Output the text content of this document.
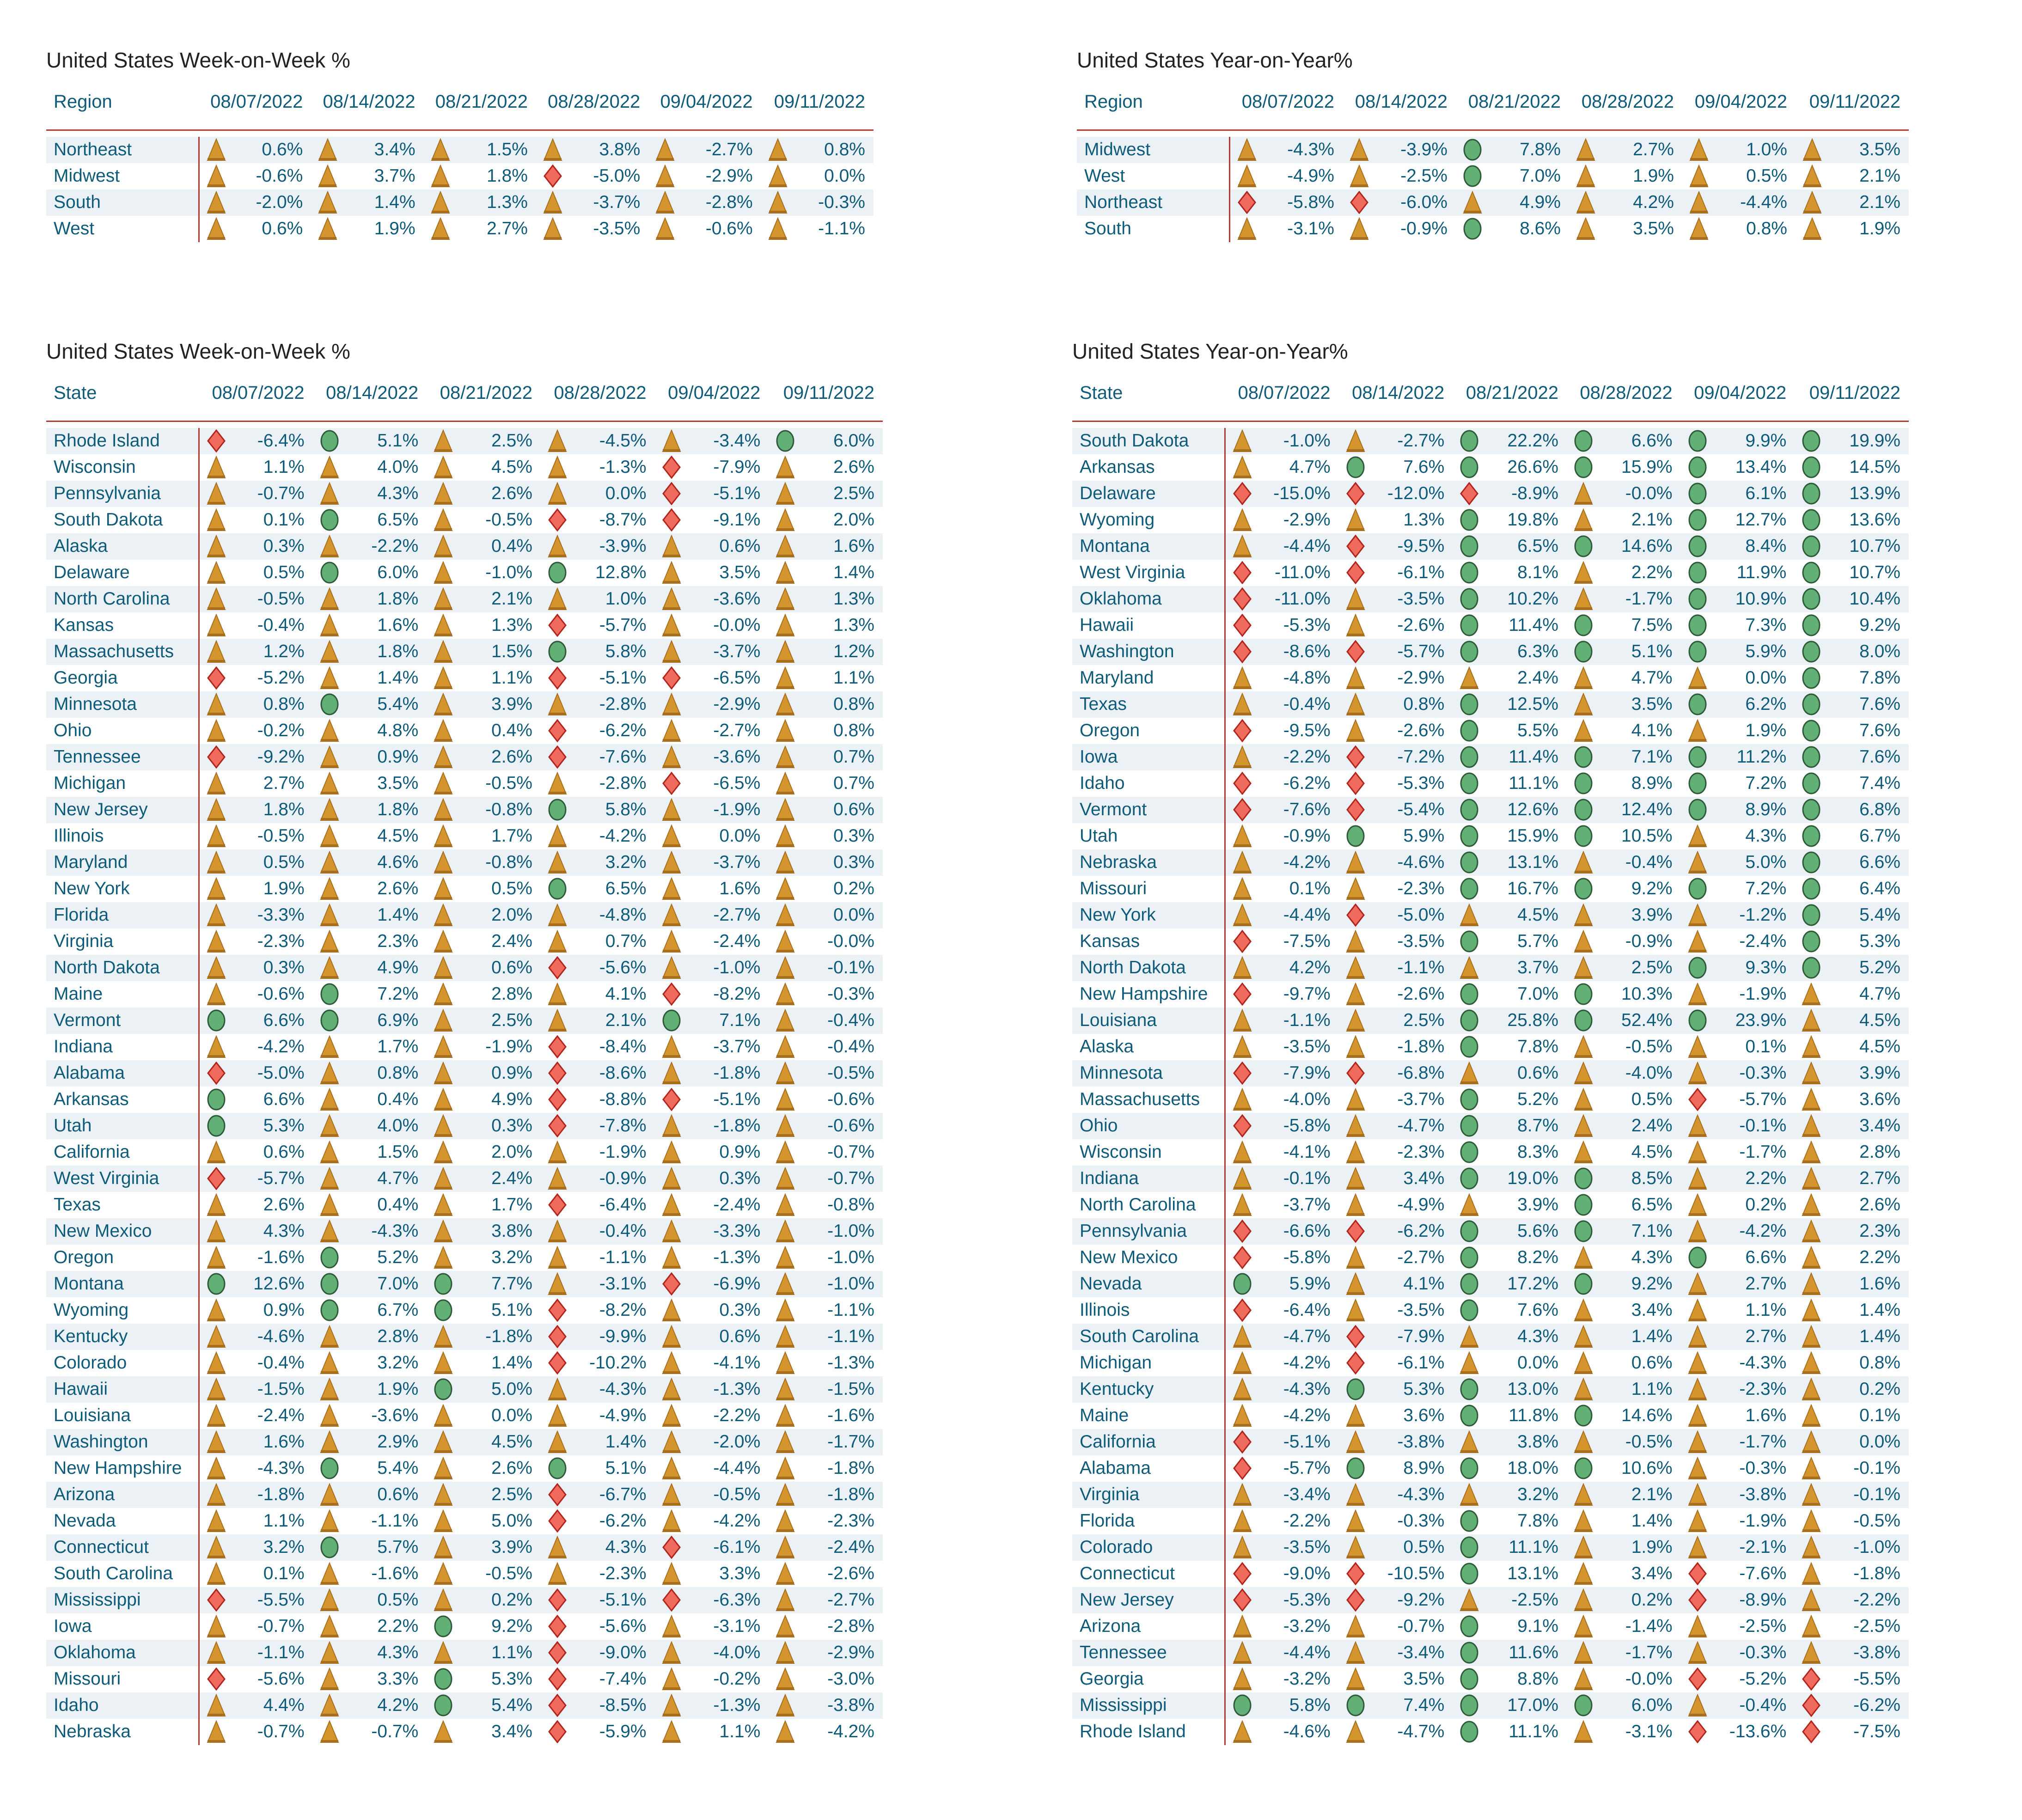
United States Week-on-Week %
Region	08/07/2022	08/14/2022	08/21/2022	08/28/2022	09/04/2022	09/11/2022

Northeast	0.6%	3.4%	1.5%	3.8%	-2.7%	0.8%
Midwest	-0.6%	3.7%	1.8%	-5.0%	-2.9%	0.0%
South	-2.0%	1.4%	1.3%	-3.7%	-2.8%	-0.3%
West	0.6%	1.9%	2.7%	-3.5%	-0.6%	-1.1%
United States Year-on-Year%
Region	08/07/2022	08/14/2022	08/21/2022	08/28/2022	09/04/2022	09/11/2022

Midwest	-4.3%	-3.9%	7.8%	2.7%	1.0%	3.5%
West	-4.9%	-2.5%	7.0%	1.9%	0.5%	2.1%
Northeast	-5.8%	-6.0%	4.9%	4.2%	-4.4%	2.1%
South	-3.1%	-0.9%	8.6%	3.5%	0.8%	1.9%
United States Week-on-Week %
State	08/07/2022	08/14/2022	08/21/2022	08/28/2022	09/04/2022	09/11/2022

Rhode Island	-6.4%	5.1%	2.5%	-4.5%	-3.4%	6.0%
Wisconsin	1.1%	4.0%	4.5%	-1.3%	-7.9%	2.6%
Pennsylvania	-0.7%	4.3%	2.6%	0.0%	-5.1%	2.5%
South Dakota	0.1%	6.5%	-0.5%	-8.7%	-9.1%	2.0%
Alaska	0.3%	-2.2%	0.4%	-3.9%	0.6%	1.6%
Delaware	0.5%	6.0%	-1.0%	12.8%	3.5%	1.4%
North Carolina	-0.5%	1.8%	2.1%	1.0%	-3.6%	1.3%
Kansas	-0.4%	1.6%	1.3%	-5.7%	-0.0%	1.3%
Massachusetts	1.2%	1.8%	1.5%	5.8%	-3.7%	1.2%
Georgia	-5.2%	1.4%	1.1%	-5.1%	-6.5%	1.1%
Minnesota	0.8%	5.4%	3.9%	-2.8%	-2.9%	0.8%
Ohio	-0.2%	4.8%	0.4%	-6.2%	-2.7%	0.8%
Tennessee	-9.2%	0.9%	2.6%	-7.6%	-3.6%	0.7%
Michigan	2.7%	3.5%	-0.5%	-2.8%	-6.5%	0.7%
New Jersey	1.8%	1.8%	-0.8%	5.8%	-1.9%	0.6%
Illinois	-0.5%	4.5%	1.7%	-4.2%	0.0%	0.3%
Maryland	0.5%	4.6%	-0.8%	3.2%	-3.7%	0.3%
New York	1.9%	2.6%	0.5%	6.5%	1.6%	0.2%
Florida	-3.3%	1.4%	2.0%	-4.8%	-2.7%	0.0%
Virginia	-2.3%	2.3%	2.4%	0.7%	-2.4%	-0.0%
North Dakota	0.3%	4.9%	0.6%	-5.6%	-1.0%	-0.1%
Maine	-0.6%	7.2%	2.8%	4.1%	-8.2%	-0.3%
Vermont	6.6%	6.9%	2.5%	2.1%	7.1%	-0.4%
Indiana	-4.2%	1.7%	-1.9%	-8.4%	-3.7%	-0.4%
Alabama	-5.0%	0.8%	0.9%	-8.6%	-1.8%	-0.5%
Arkansas	6.6%	0.4%	4.9%	-8.8%	-5.1%	-0.6%
Utah	5.3%	4.0%	0.3%	-7.8%	-1.8%	-0.6%
California	0.6%	1.5%	2.0%	-1.9%	0.9%	-0.7%
West Virginia	-5.7%	4.7%	2.4%	-0.9%	0.3%	-0.7%
Texas	2.6%	0.4%	1.7%	-6.4%	-2.4%	-0.8%
New Mexico	4.3%	-4.3%	3.8%	-0.4%	-3.3%	-1.0%
Oregon	-1.6%	5.2%	3.2%	-1.1%	-1.3%	-1.0%
Montana	12.6%	7.0%	7.7%	-3.1%	-6.9%	-1.0%
Wyoming	0.9%	6.7%	5.1%	-8.2%	0.3%	-1.1%
Kentucky	-4.6%	2.8%	-1.8%	-9.9%	0.6%	-1.1%
Colorado	-0.4%	3.2%	1.4%	-10.2%	-4.1%	-1.3%
Hawaii	-1.5%	1.9%	5.0%	-4.3%	-1.3%	-1.5%
Louisiana	-2.4%	-3.6%	0.0%	-4.9%	-2.2%	-1.6%
Washington	1.6%	2.9%	4.5%	1.4%	-2.0%	-1.7%
New Hampshire	-4.3%	5.4%	2.6%	5.1%	-4.4%	-1.8%
Arizona	-1.8%	0.6%	2.5%	-6.7%	-0.5%	-1.8%
Nevada	1.1%	-1.1%	5.0%	-6.2%	-4.2%	-2.3%
Connecticut	3.2%	5.7%	3.9%	4.3%	-6.1%	-2.4%
South Carolina	0.1%	-1.6%	-0.5%	-2.3%	3.3%	-2.6%
Mississippi	-5.5%	0.5%	0.2%	-5.1%	-6.3%	-2.7%
Iowa	-0.7%	2.2%	9.2%	-5.6%	-3.1%	-2.8%
Oklahoma	-1.1%	4.3%	1.1%	-9.0%	-4.0%	-2.9%
Missouri	-5.6%	3.3%	5.3%	-7.4%	-0.2%	-3.0%
Idaho	4.4%	4.2%	5.4%	-8.5%	-1.3%	-3.8%
Nebraska	-0.7%	-0.7%	3.4%	-5.9%	1.1%	-4.2%
United States Year-on-Year%
State	08/07/2022	08/14/2022	08/21/2022	08/28/2022	09/04/2022	09/11/2022

South Dakota	-1.0%	-2.7%	22.2%	6.6%	9.9%	19.9%
Arkansas	4.7%	7.6%	26.6%	15.9%	13.4%	14.5%
Delaware	-15.0%	-12.0%	-8.9%	-0.0%	6.1%	13.9%
Wyoming	-2.9%	1.3%	19.8%	2.1%	12.7%	13.6%
Montana	-4.4%	-9.5%	6.5%	14.6%	8.4%	10.7%
West Virginia	-11.0%	-6.1%	8.1%	2.2%	11.9%	10.7%
Oklahoma	-11.0%	-3.5%	10.2%	-1.7%	10.9%	10.4%
Hawaii	-5.3%	-2.6%	11.4%	7.5%	7.3%	9.2%
Washington	-8.6%	-5.7%	6.3%	5.1%	5.9%	8.0%
Maryland	-4.8%	-2.9%	2.4%	4.7%	0.0%	7.8%
Texas	-0.4%	0.8%	12.5%	3.5%	6.2%	7.6%
Oregon	-9.5%	-2.6%	5.5%	4.1%	1.9%	7.6%
Iowa	-2.2%	-7.2%	11.4%	7.1%	11.2%	7.6%
Idaho	-6.2%	-5.3%	11.1%	8.9%	7.2%	7.4%
Vermont	-7.6%	-5.4%	12.6%	12.4%	8.9%	6.8%
Utah	-0.9%	5.9%	15.9%	10.5%	4.3%	6.7%
Nebraska	-4.2%	-4.6%	13.1%	-0.4%	5.0%	6.6%
Missouri	0.1%	-2.3%	16.7%	9.2%	7.2%	6.4%
New York	-4.4%	-5.0%	4.5%	3.9%	-1.2%	5.4%
Kansas	-7.5%	-3.5%	5.7%	-0.9%	-2.4%	5.3%
North Dakota	4.2%	-1.1%	3.7%	2.5%	9.3%	5.2%
New Hampshire	-9.7%	-2.6%	7.0%	10.3%	-1.9%	4.7%
Louisiana	-1.1%	2.5%	25.8%	52.4%	23.9%	4.5%
Alaska	-3.5%	-1.8%	7.8%	-0.5%	0.1%	4.5%
Minnesota	-7.9%	-6.8%	0.6%	-4.0%	-0.3%	3.9%
Massachusetts	-4.0%	-3.7%	5.2%	0.5%	-5.7%	3.6%
Ohio	-5.8%	-4.7%	8.7%	2.4%	-0.1%	3.4%
Wisconsin	-4.1%	-2.3%	8.3%	4.5%	-1.7%	2.8%
Indiana	-0.1%	3.4%	19.0%	8.5%	2.2%	2.7%
North Carolina	-3.7%	-4.9%	3.9%	6.5%	0.2%	2.6%
Pennsylvania	-6.6%	-6.2%	5.6%	7.1%	-4.2%	2.3%
New Mexico	-5.8%	-2.7%	8.2%	4.3%	6.6%	2.2%
Nevada	5.9%	4.1%	17.2%	9.2%	2.7%	1.6%
Illinois	-6.4%	-3.5%	7.6%	3.4%	1.1%	1.4%
South Carolina	-4.7%	-7.9%	4.3%	1.4%	2.7%	1.4%
Michigan	-4.2%	-6.1%	0.0%	0.6%	-4.3%	0.8%
Kentucky	-4.3%	5.3%	13.0%	1.1%	-2.3%	0.2%
Maine	-4.2%	3.6%	11.8%	14.6%	1.6%	0.1%
California	-5.1%	-3.8%	3.8%	-0.5%	-1.7%	0.0%
Alabama	-5.7%	8.9%	18.0%	10.6%	-0.3%	-0.1%
Virginia	-3.4%	-4.3%	3.2%	2.1%	-3.8%	-0.1%
Florida	-2.2%	-0.3%	7.8%	1.4%	-1.9%	-0.5%
Colorado	-3.5%	0.5%	11.1%	1.9%	-2.1%	-1.0%
Connecticut	-9.0%	-10.5%	13.1%	3.4%	-7.6%	-1.8%
New Jersey	-5.3%	-9.2%	-2.5%	0.2%	-8.9%	-2.2%
Arizona	-3.2%	-0.7%	9.1%	-1.4%	-2.5%	-2.5%
Tennessee	-4.4%	-3.4%	11.6%	-1.7%	-0.3%	-3.8%
Georgia	-3.2%	3.5%	8.8%	-0.0%	-5.2%	-5.5%
Mississippi	5.8%	7.4%	17.0%	6.0%	-0.4%	-6.2%
Rhode Island	-4.6%	-4.7%	11.1%	-3.1%	-13.6%	-7.5%
